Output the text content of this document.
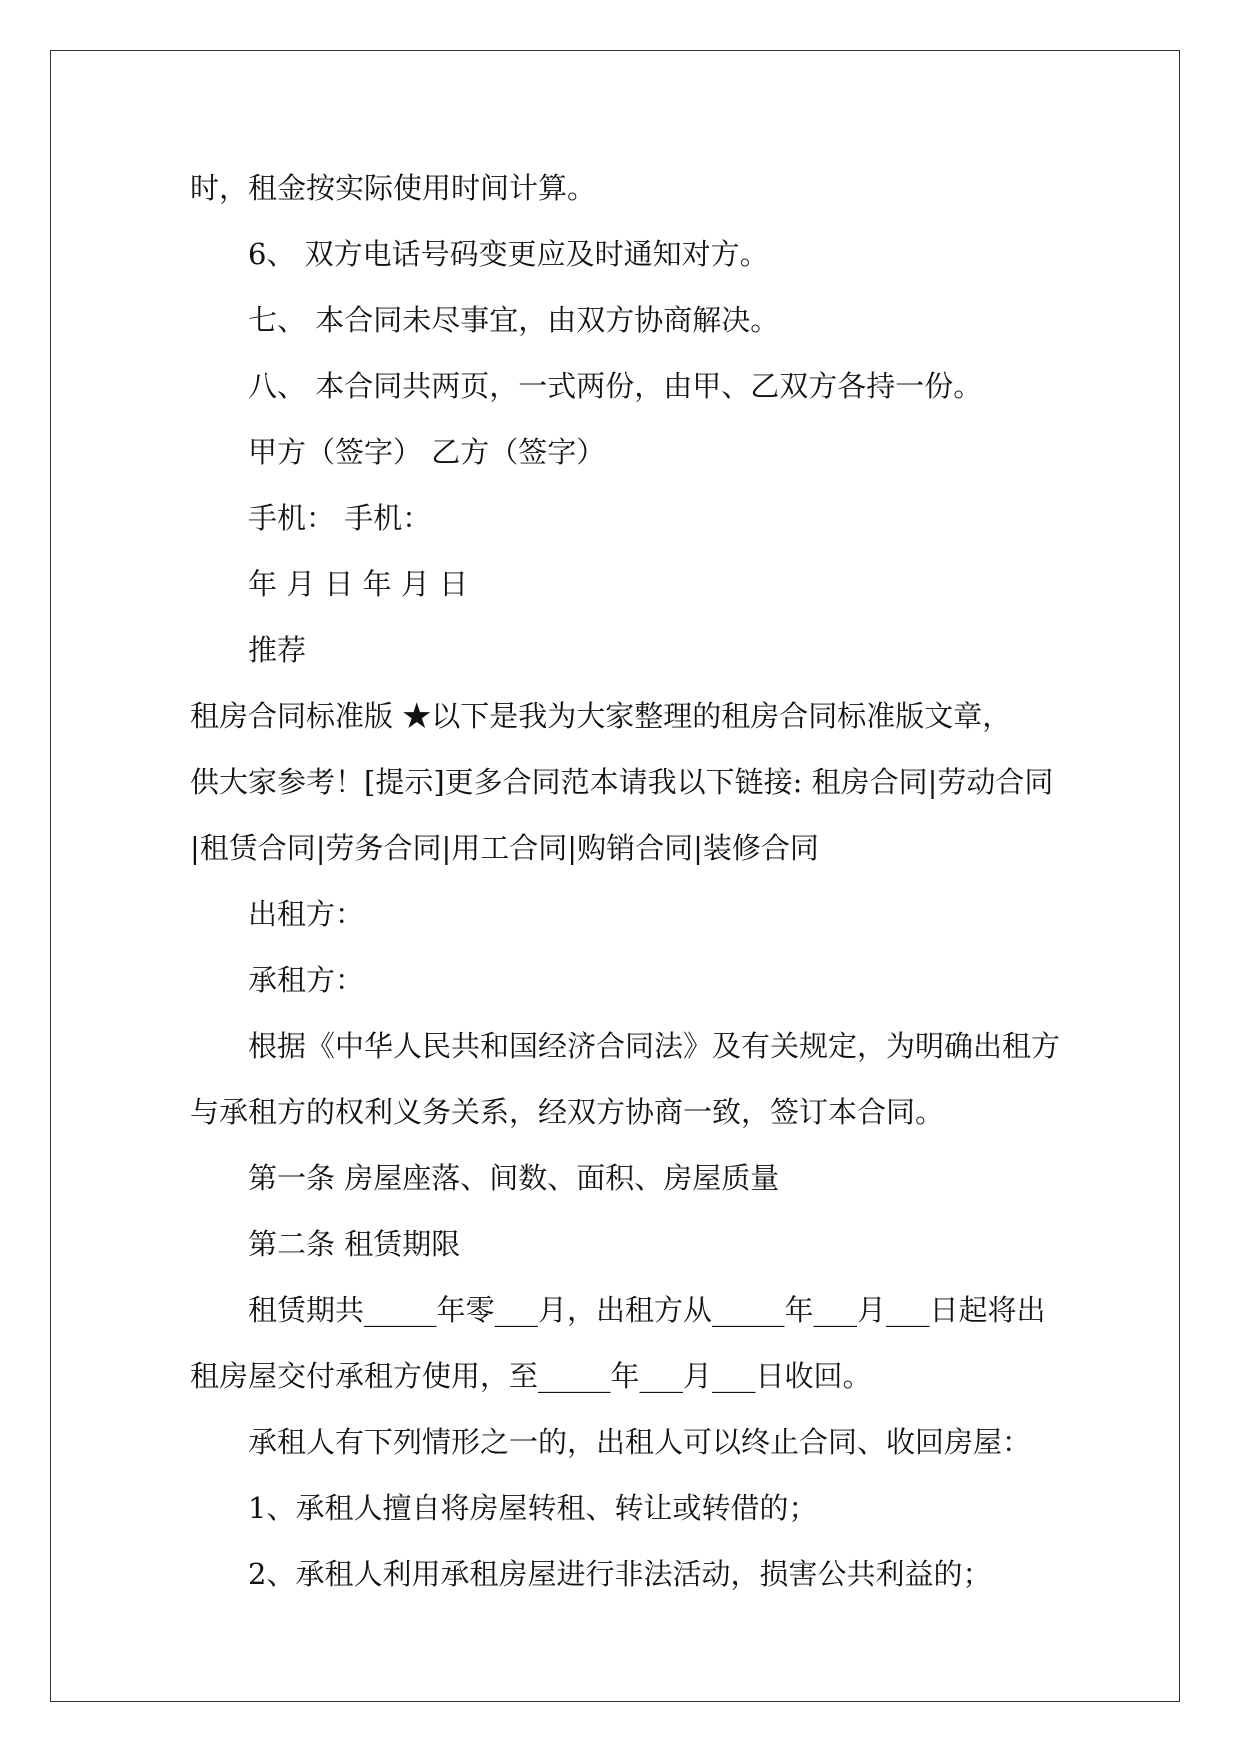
时，租金按实际使用时间计算。

6、 双方电话号码变更应及时通知对方。

七、 本合同未尽事宜，由双方协商解决。

八、 本合同共两页，一式两份，由甲、乙双方各持一份。

甲方（签字） 乙方（签字）

手机： 手机：

年 月 日 年 月 日

推荐

租房合同标准版 ★以下是我为大家整理的租房合同标准版文章，

供大家参考！[提示]更多合同范本请我以下链接: 租房合同|劳动合同

|租赁合同|劳务合同|用工合同|购销合同|装修合同

出租方：

承租方：

根据《中华人民共和国经济合同法》及有关规定，为明确出租方

与承租方的权利义务关系，经双方协商一致，签订本合同。

第一条 房屋座落、间数、面积、房屋质量

第二条 租赁期限

租赁期共_____年零___月，出租方从_____年___月___日起将出

租房屋交付承租方使用，至_____年___月___日收回。

承租人有下列情形之一的，出租人可以终止合同、收回房屋：

1、承租人擅自将房屋转租、转让或转借的；

2、承租人利用承租房屋进行非法活动，损害公共利益的；
